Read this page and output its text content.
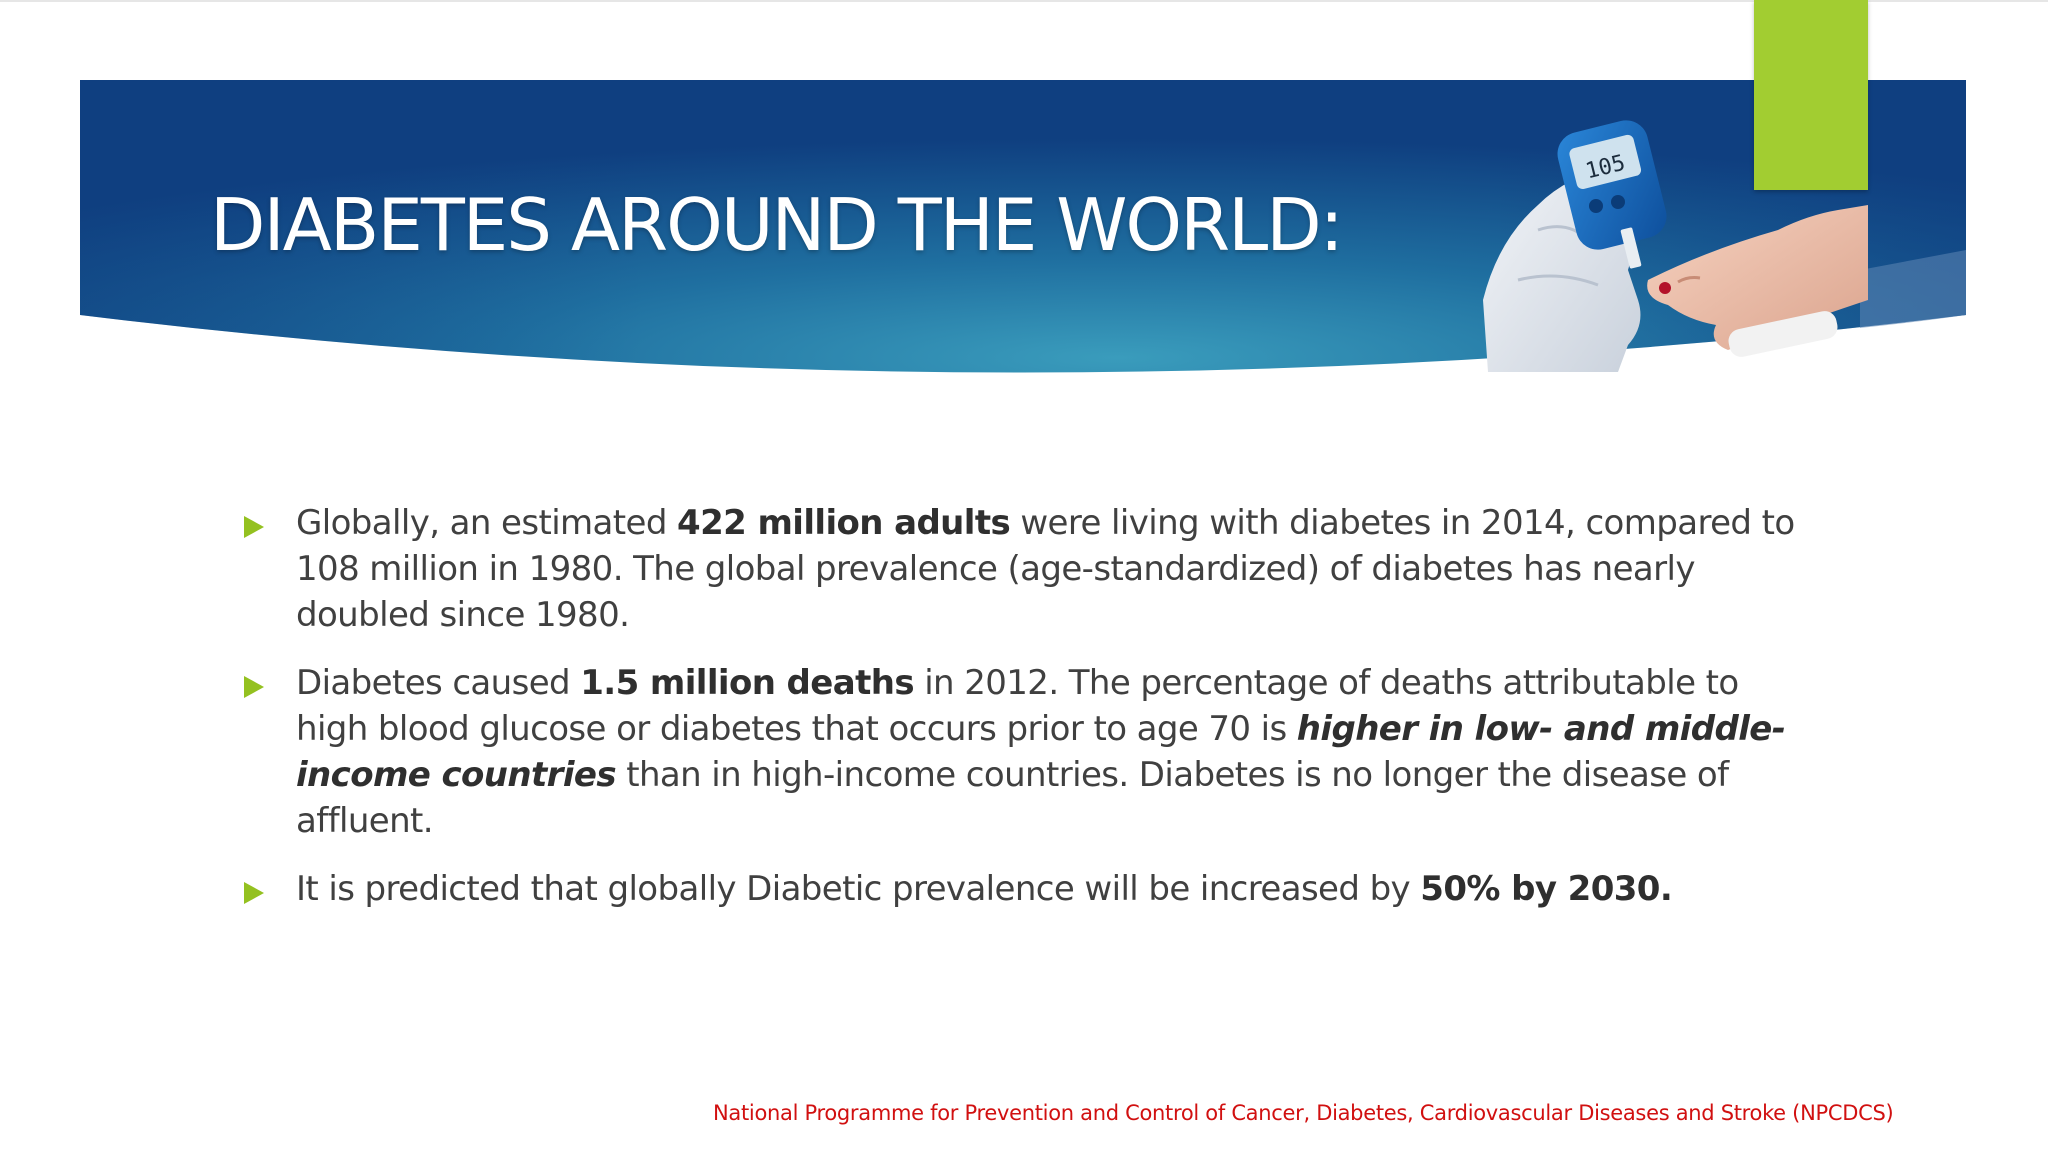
DIABETES AROUND THE WORLD:
105
Globally, an estimated 422 million adults were living with diabetes in 2014, compared to 108 million in 1980. The global prevalence (age-standardized) of diabetes has nearly doubled since 1980.
Diabetes caused 1.5 million deaths in 2012. The percentage of deaths attributable to high blood glucose or diabetes that occurs prior to age 70 is higher in low- and middle-income countries than in high-income countries. Diabetes is no longer the disease of affluent.
It is predicted that globally Diabetic prevalence will be increased by 50% by 2030.
National Programme for Prevention and Control of Cancer, Diabetes, Cardiovascular Diseases and Stroke (NPCDCS)
